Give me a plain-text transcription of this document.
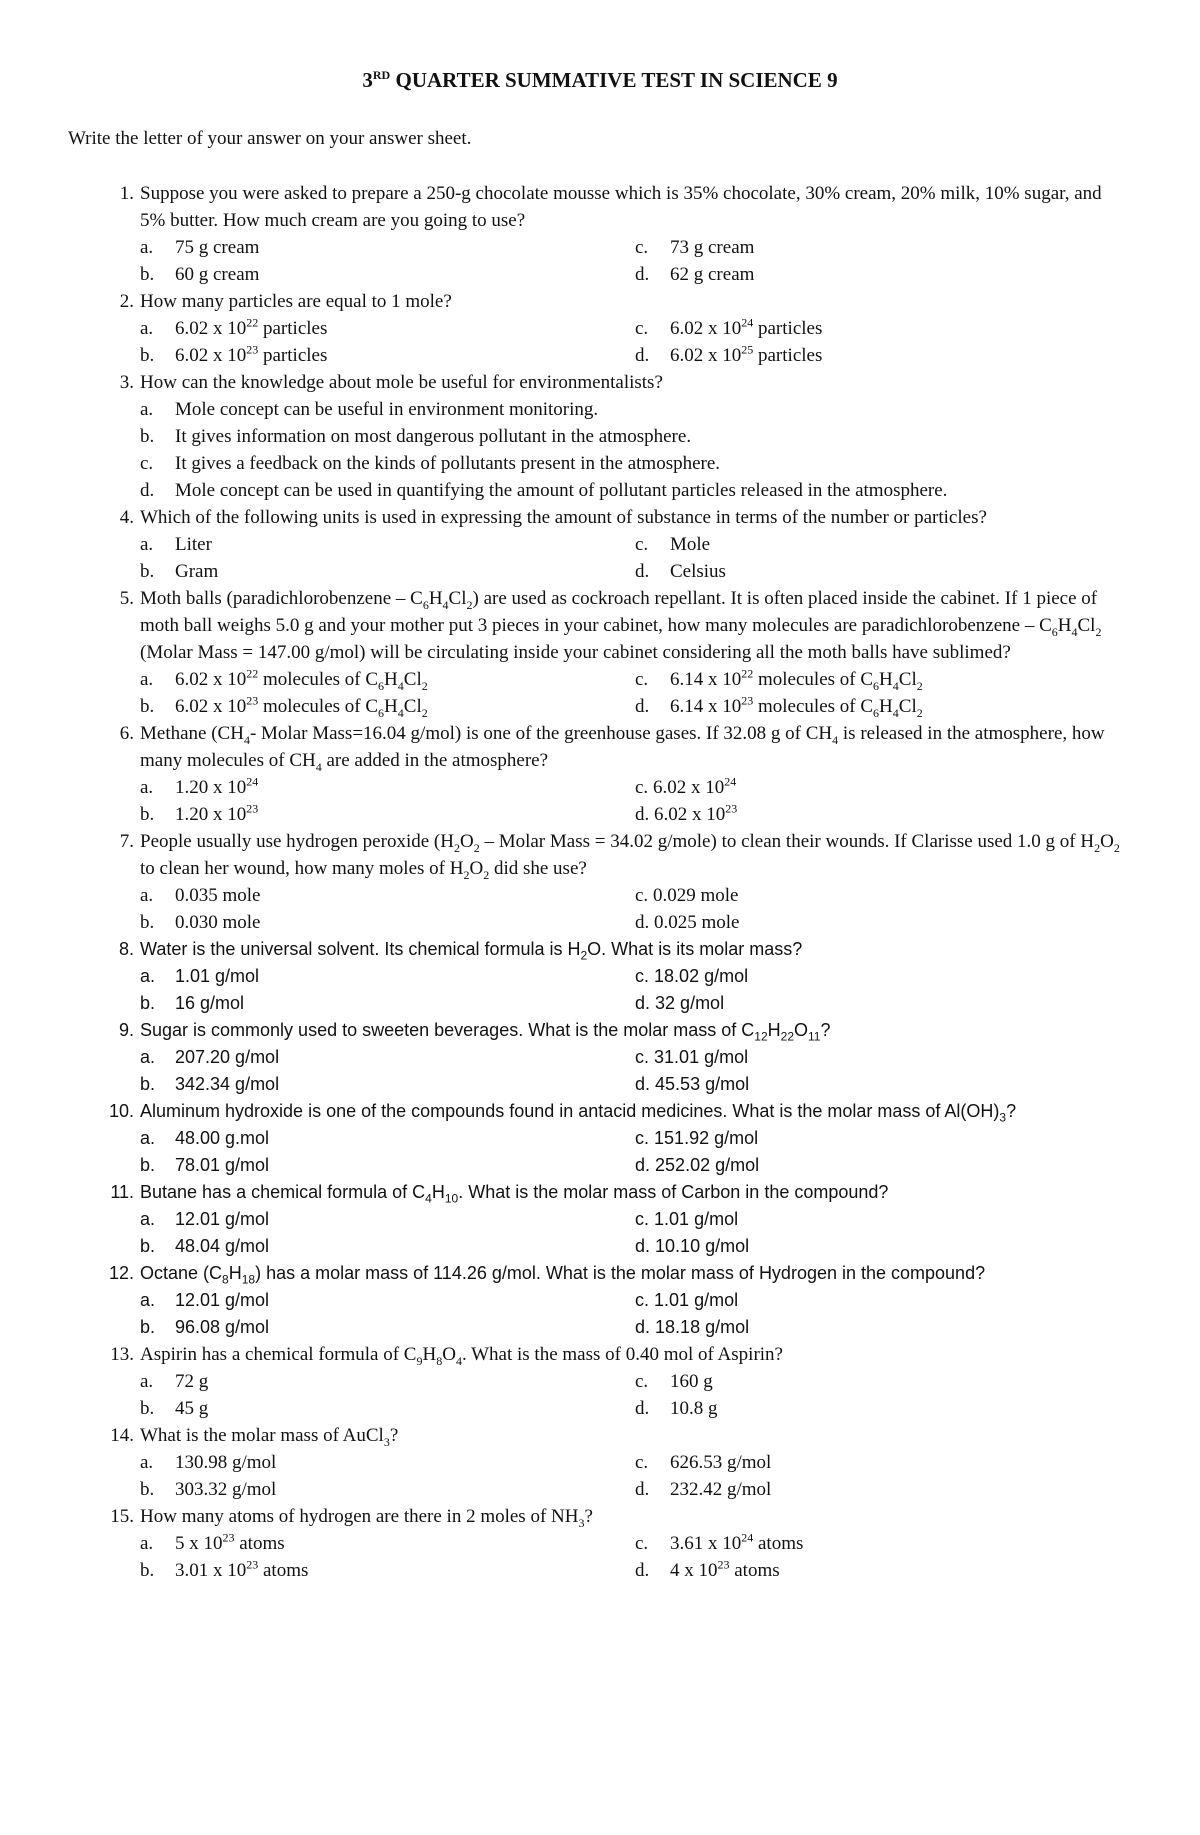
3RD QUARTER SUMMATIVE TEST IN SCIENCE 9
Write the letter of your answer on your answer sheet.
1. Suppose you were asked to prepare a 250-g chocolate mousse which is 35% chocolate, 30% cream, 20% milk, 10% sugar, and 5% butter. How much cream are you going to use?
a. 75 g cream	c. 73 g cream
b. 60 g cream	d. 62 g cream
2. How many particles are equal to 1 mole?
a. 6.02 x $10^{22}$ particles	c. 6.02 x $10^{24}$ particles
b. 6.02 x $10^{23}$ particles	d. 6.02 x $10^{25}$ particles
3. How can the knowledge about mole be useful for environmentalists?
a.	Mole concept can be useful in environment monitoring.
b.	It gives information on most dangerous pollutant in the atmosphere.
c.	It gives a feedback on the kinds of pollutants present in the atmosphere.
d.	Mole concept can be used in quantifying the amount of pollutant particles released in the atmosphere.
4. Which of the following units is used in expressing the amount of substance in terms of the number or particles?
a. Liter	c. Mole
b. Gram	d. Celsius
5. Moth balls (paradichlorobenzene – $C_6H_4Cl_2$) are used as cockroach repellant. It is often placed inside the cabinet. If 1 piece of moth ball weighs 5.0 g and your mother put 3 pieces in your cabinet, how many molecules are paradichlorobenzene – $C_6H_4Cl_2$ (Molar Mass = 147.00 g/mol) will be circulating inside your cabinet considering all the moth balls have sublimed?
a. 6.02 x $10^{22}$ molecules of $C_6H_4Cl_2$	c. 6.14 x $10^{22}$ molecules of $C_6H_4Cl_2$
b. 6.02 x $10^{23}$ molecules of $C_6H_4Cl_2$	d. 6.14 x $10^{23}$ molecules of $C_6H_4Cl_2$
6. Methane ($CH_4-$ Molar Mass=16.04 g/mol) is one of the greenhouse gases. If 32.08 g of $CH_4$ is released in the atmosphere, how many molecules of $CH_4$ are added in the atmosphere?
a. 1.20 x $10^{24}$	c. 6.02 x $10^{24}$
b. 1.20 x $10^{23}$	d. 6.02 x $10^{23}$
7. People usually use hydrogen peroxide ($H_2O_2$ – Molar Mass = 34.02 g/mole) to clean their wounds. If Clarisse used 1.0 g of $H_2O_2$ to clean her wound, how many moles of $H_2O_2$ did she use?
a. 0.035 mole	c. 0.029 mole
b. 0.030 mole	d. 0.025 mole
8. Water is the universal solvent. Its chemical formula is $H_2O$. What is its molar mass?
a. 1.01 g/mol	c. 18.02 g/mol
b. 16 g/mol	d. 32 g/mol
9. Sugar is commonly used to sweeten beverages. What is the molar mass of $C_{12}H_{22}O_{11}$?
a. 207.20 g/mol	c. 31.01 g/mol
b. 342.34 g/mol	d. 45.53 g/mol
10. Aluminum hydroxide is one of the compounds found in antacid medicines. What is the molar mass of $Al(OH)_3$?
a. 48.00 g.mol	c. 151.92 g/mol
b. 78.01 g/mol	d. 252.02 g/mol
11. Butane has a chemical formula of $C_4H_{10}$. What is the molar mass of Carbon in the compound?
a. 12.01 g/mol	c. 1.01 g/mol
b. 48.04 g/mol	d. 10.10 g/mol
12. Octane $(C_8H_{18})$ has a molar mass of 114.26 g/mol. What is the molar mass of Hydrogen in the compound?
a. 12.01 g/mol	c. 1.01 g/mol
b. 96.08 g/mol	d. 18.18 g/mol
13. Aspirin has a chemical formula of $C_9H_8O_4$. What is the mass of 0.40 mol of Aspirin?
a. 72 g	c. 160 g
b. 45 g	d. 10.8 g
14. What is the molar mass of AuCl$_3$?
a. 130.98 g/mol	c. 626.53 g/mol
b. 303.32 g/mol	d. 232.42 g/mol
15. How many atoms of hydrogen are there in 2 moles of $NH_3$?
a. 5 x $10^{23}$ atoms	c. 3.61 x $10^{24}$ atoms
b. 3.01 x $10^{23}$ atoms	d. 4 x $10^{23}$ atoms
